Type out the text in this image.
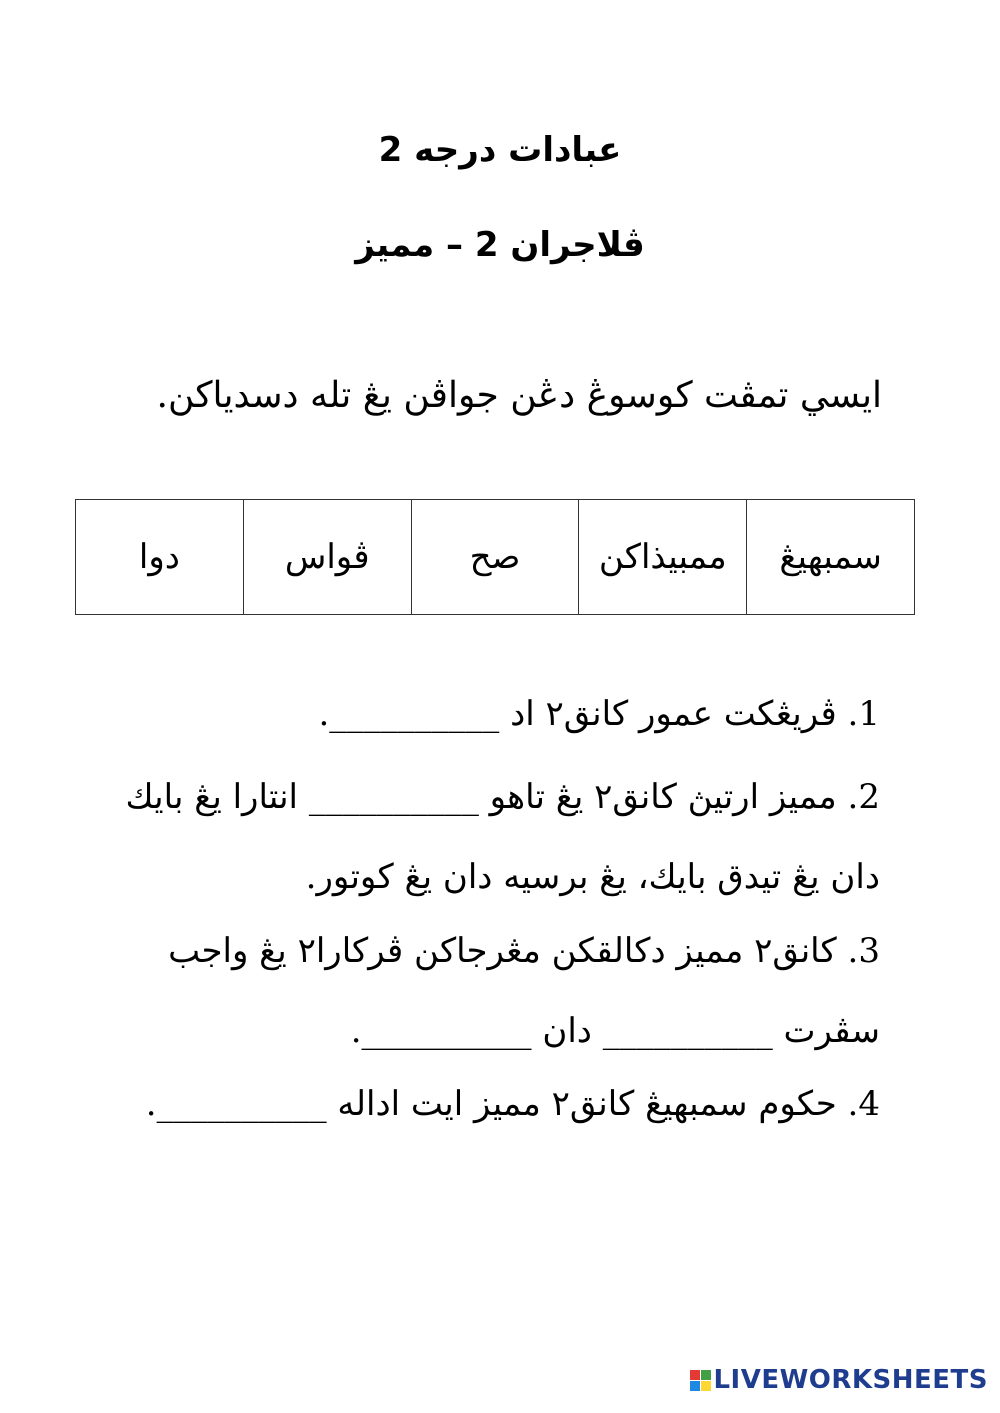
عبادات درجه 2
ڤلاجران 2 – مميز
ايسي تمڤت كوسوڠ دڠن جواڤن يڠ تله دسدياكن.
سمبهيڠ	ممبيذاكن	صح	ڤواس	دوا
1. ڤريڠكت عمور كانق٢ اد __________.
2. مميز ارتيڽ كانق٢ يڠ تاهو __________ انتارا يڠ بايك دان يڠ تيدق بايك، يڠ برسيه دان يڠ كوتور.
3. كانق٢ مميز دكالقكن مڠرجاكن ڤركارا٢ يڠ واجب سڤرت __________ دان __________.
4. حكوم سمبهيڠ كانق٢ مميز ايت اداله __________.
LIVEWORKSHEETS
